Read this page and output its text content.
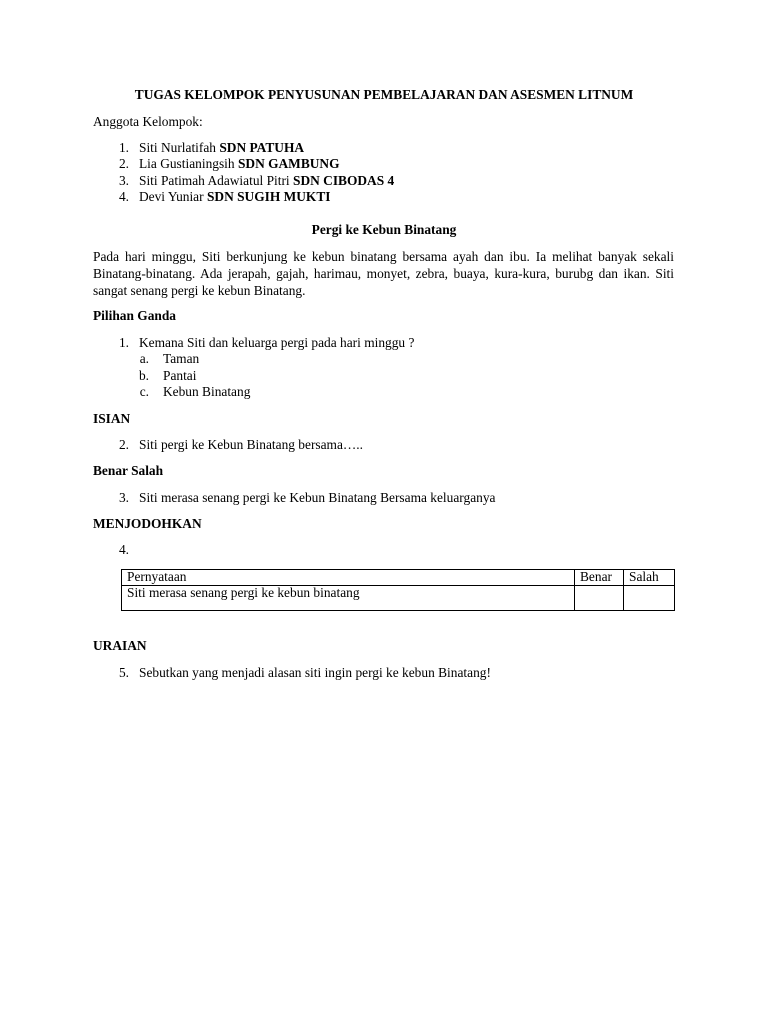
TUGAS KELOMPOK PENYUSUNAN PEMBELAJARAN DAN ASESMEN LITNUM
Anggota Kelompok:
1. Siti Nurlatifah SDN PATUHA
2. Lia Gustianingsih SDN GAMBUNG
3. Siti Patimah Adawiatul Pitri SDN CIBODAS 4
4. Devi Yuniar SDN SUGIH MUKTI
Pergi ke Kebun Binatang
Pada hari minggu, Siti berkunjung ke kebun binatang bersama ayah dan ibu. Ia melihat banyak sekali Binatang-binatang. Ada jerapah, gajah, harimau, monyet, zebra, buaya, kura-kura, burubg dan ikan. Siti sangat senang pergi ke kebun Binatang.
Pilihan Ganda
1. Kemana Siti dan keluarga pergi pada hari minggu ?
a. Taman
b. Pantai
c. Kebun Binatang
ISIAN
2. Siti pergi ke Kebun Binatang bersama…..
Benar Salah
3. Siti merasa senang pergi ke Kebun Binatang Bersama keluarganya
MENJODOHKAN
4.
Pernyataan	Benar	Salah
Siti merasa senang pergi ke kebun binatang		
URAIAN
5. Sebutkan yang menjadi alasan siti ingin pergi ke kebun Binatang!
